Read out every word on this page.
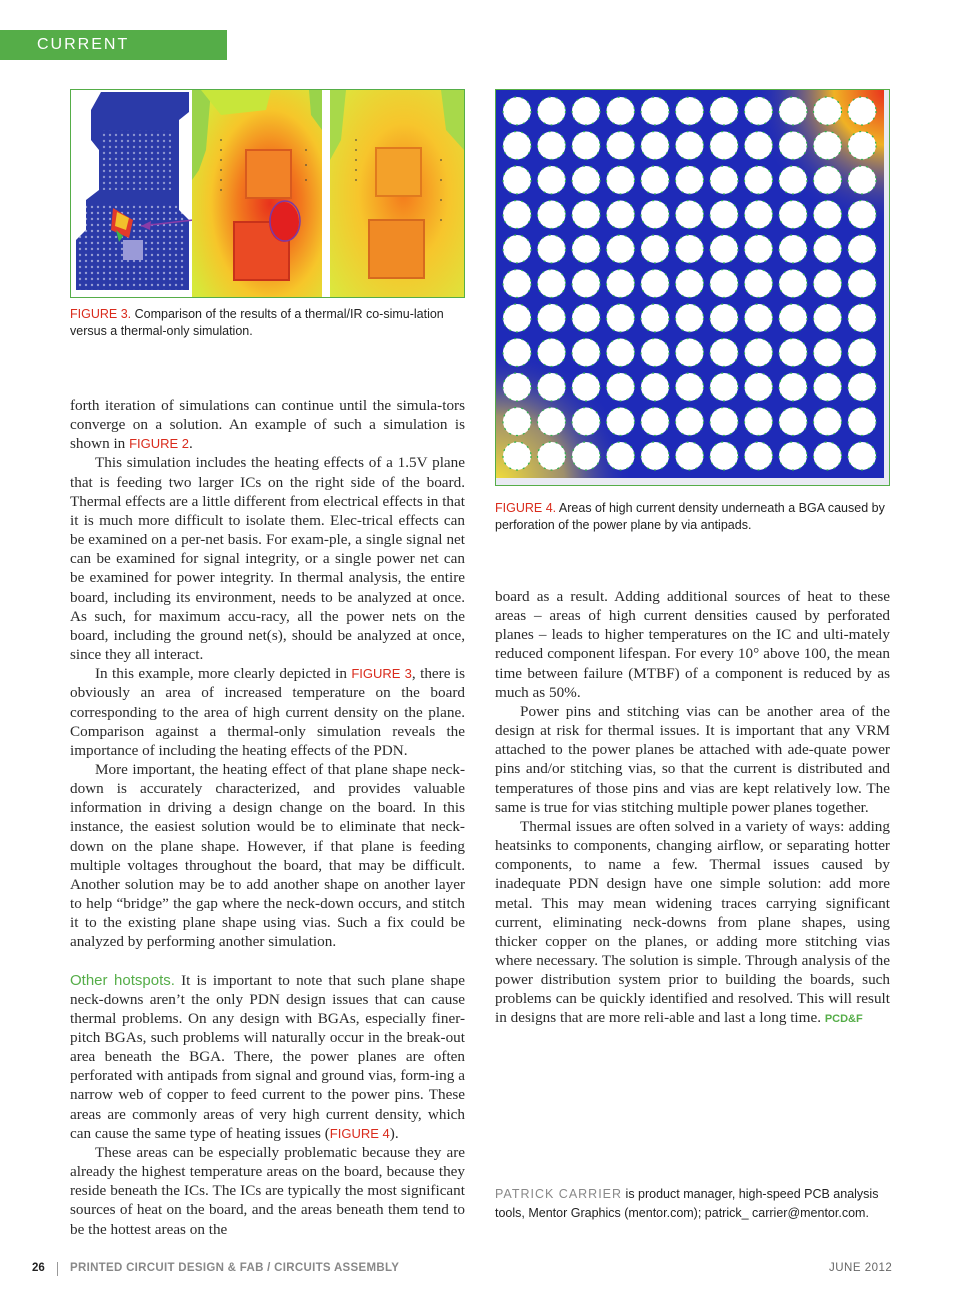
CURRENT CONTROL
FIGURE 3. Comparison of the results of a thermal/IR co-simu-lation versus a thermal-only simulation.
FIGURE 4. Areas of high current density underneath a BGA caused by perforation of the power plane by via antipads.

forth iteration of simulations can continue until the simula-tors converge on a solution. An example of such a simulation is shown in FIGURE 2.

This simulation includes the heating effects of a 1.5V plane that is feeding two larger ICs on the right side of the board. Thermal effects are a little different from electrical effects in that it is much more difficult to isolate them. Elec-trical effects can be examined on a per-net basis. For exam-ple, a single signal net can be examined for signal integrity, or a single power net can be examined for power integrity. In thermal analysis, the entire board, including its environment, needs to be analyzed at once. As such, for maximum accu-racy, all the power nets on the board, including the ground net(s), should be analyzed at once, since they all interact.

In this example, more clearly depicted in FIGURE 3, there is obviously an area of increased temperature on the board corresponding to the area of high current density on the plane. Comparison against a thermal-only simulation reveals the importance of including the heating effects of the PDN.

More important, the heating effect of that plane shape neck-down is accurately characterized, and provides valuable information in driving a design change on the board. In this instance, the easiest solution would be to eliminate that neck-down on the plane shape. However, if that plane is feeding multiple voltages throughout the board, that may be difficult. Another solution may be to add another shape on another layer to help “bridge” the gap where the neck-down occurs, and stitch it to the existing plane shape using vias. Such a fix could be analyzed by performing another simulation.

Other hotspots. It is important to note that such plane shape neck-downs aren’t the only PDN design issues that can cause thermal problems. On any design with BGAs, especially finer-pitch BGAs, such problems will naturally occur in the break-out area beneath the BGA. There, the power planes are often perforated with antipads from signal and ground vias, form-ing a narrow web of copper to feed current to the power pins. These areas are commonly areas of very high current density, which can cause the same type of heating issues (FIGURE 4).

These areas can be especially problematic because they are already the highest temperature areas on the board, because they reside beneath the ICs. The ICs are typically the most significant sources of heat on the board, and the areas beneath them tend to be the hottest areas on the

board as a result. Adding additional sources of heat to these areas – areas of high current densities caused by perforated planes – leads to higher temperatures on the IC and ulti-mately reduced component lifespan. For every 10° above 100, the mean time between failure (MTBF) of a component is reduced by as much as 50%.

Power pins and stitching vias can be another area of the design at risk for thermal issues. It is important that any VRM attached to the power planes be attached with ade-quate power pins and/or stitching vias, so that the current is distributed and temperatures of those pins and vias are kept relatively low. The same is true for vias stitching multiple power planes together.

Thermal issues are often solved in a variety of ways: adding heatsinks to components, changing airflow, or separating hotter components, to name a few. Thermal issues caused by inadequate PDN design have one simple solution: add more metal. This may mean widening traces carrying significant current, eliminating neck-downs from plane shapes, using thicker copper on the planes, or adding more stitching vias where necessary. The solution is simple. Through analysis of the power distribution system prior to building the boards, such problems can be quickly identified and resolved. This will result in designs that are more reli-able and last a long time. PCD&F

PATRICK CARRIER is product manager, high-speed PCB analysis tools, Mentor Graphics (mentor.com); patrick_ carrier@mentor.com.
26 PRINTED CIRCUIT DESIGN & FAB / CIRCUITS ASSEMBLY	JUNE 2012
